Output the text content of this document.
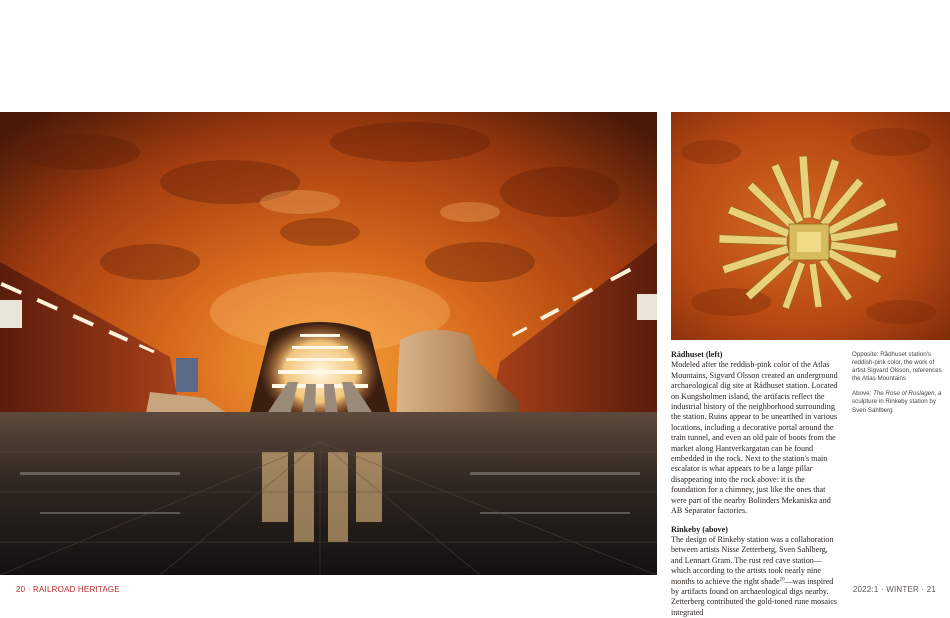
Rådhuset (left)

Modeled after the reddish-pink color of the Atlas Mountains, Sigvard Olsson created an underground archaeological dig site at Rådhuset station. Located on Kungsholmen island, the artifacts reflect the industrial history of the neighborhood surrounding the station. Ruins appear to be unearthed in various locations, including a decorative portal around the train tunnel, and even an old pair of boots from the market along Hantverkargatan can be found embedded in the rock. Next to the station's main escalator is what appears to be a large pillar disappearing into the rock above: it is the foundation for a chimney, just like the ones that were part of the nearby Bolinders Mekaniska and AB Separator factories.

Rinkeby (above)

The design of Rinkeby station was a collaboration between artists Nisse Zetterberg, Sven Sahlberg, and Lennart Gram. The rust red cave station—which according to the artists took nearly nine months to achieve the right shade$^{20}$—was inspired by artifacts found on archaeological digs nearby. Zetterberg contributed the gold-toned rune mosaics integrated

Opposite: Rådhuset station's reddish-pink color, the work of artist Sigvard Olsson, references the Atlas Mountains

Above: The Rose of Roslagen, a sculpture in Rinkeby station by Sven Sahlberg

20 · RAILROAD HERITAGE	2022:1 · WINTER · 21
